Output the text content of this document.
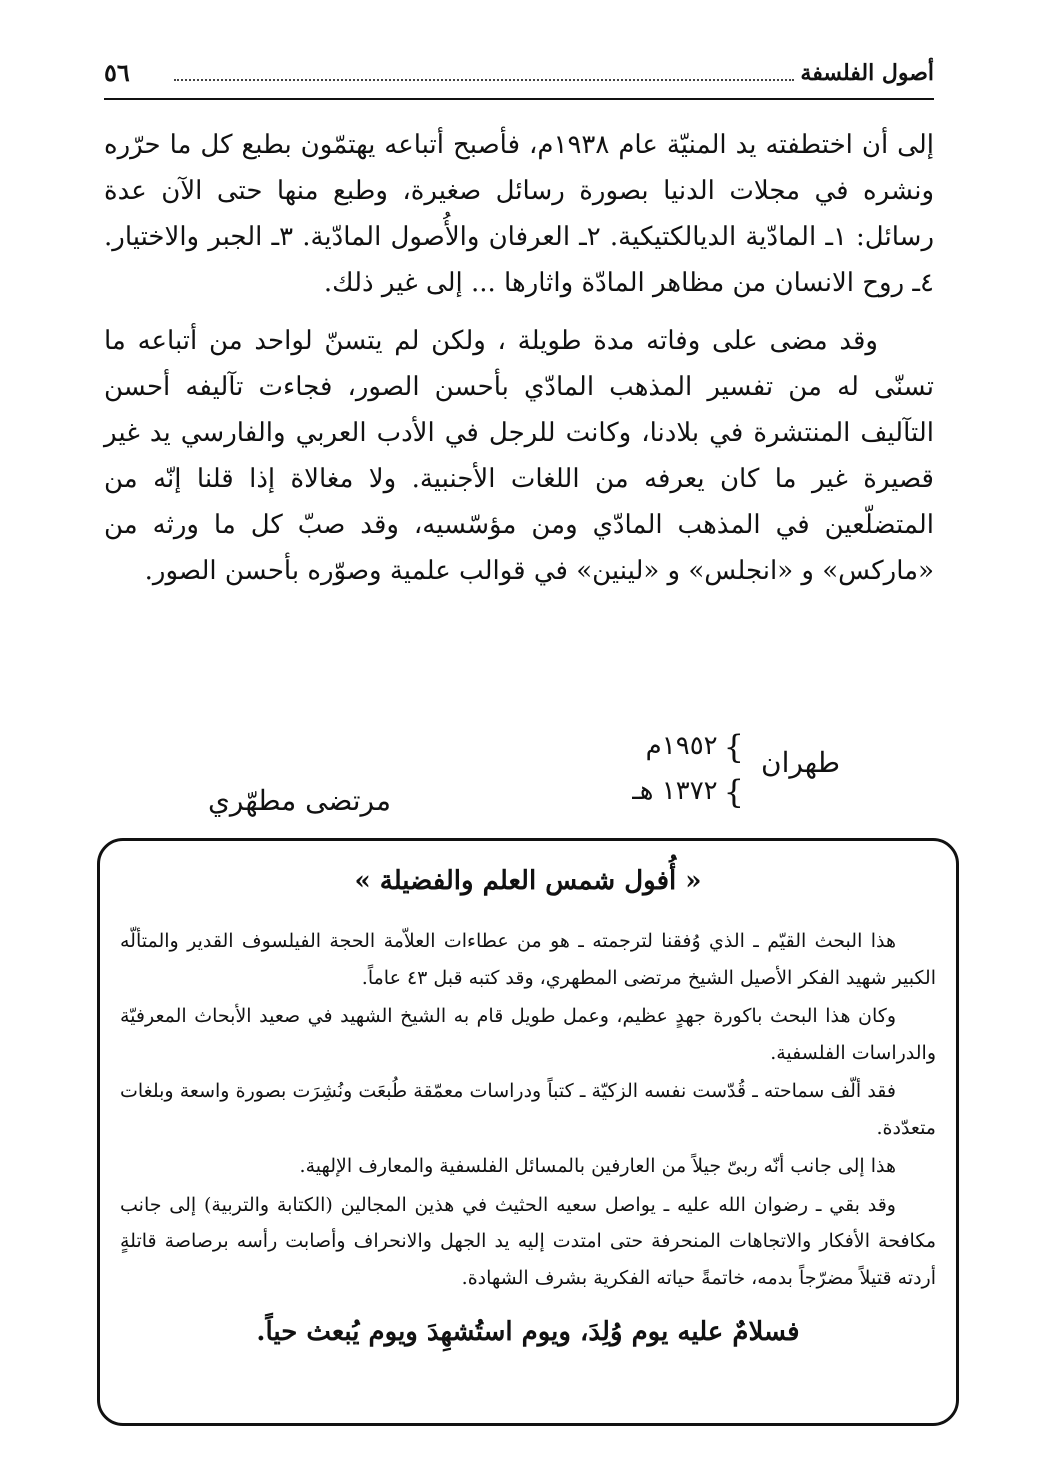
أصول الفلسفة
٥٦

إلى أن اختطفته يد المنيّة عام ١٩٣٨م، فأصبح أتباعه يهتمّون بطبع كل ما حرّره ونشره في مجلات الدنيا بصورة رسائل صغيرة، وطبع منها حتى الآن عدة رسائل: ١ـ المادّية الديالكتيكية. ٢ـ العرفان والأُصول المادّية. ٣ـ الجبر والاختيار. ٤ـ روح الانسان من مظاهر المادّة واثارها ... إلى غير ذلك.

وقد مضى على وفاته مدة طويلة ، ولكن لم يتسنّ لواحد من أتباعه ما تسنّى له من تفسير المذهب المادّي بأحسن الصور، فجاءت تآليفه أحسن التآليف المنتشرة في بلادنا، وكانت للرجل في الأدب العربي والفارسي يد غير قصيرة غير ما كان يعرفه من اللغات الأجنبية. ولا مغالاة إذا قلنا إنّه من المتضلّعين في المذهب المادّي ومن مؤسّسيه، وقد صبّ كل ما ورثه من «ماركس» و «انجلس» و «لينين» في قوالب علمية وصوّره بأحسن الصور.

طهران
}١٩٥٢م
}١٣٧٢ هـ
مرتضى مطهّري
« أُفول شمس العلم والفضيلة »

هذا البحث القيّم ـ الذي وُفقنا لترجمته ـ هو من عطاءات العلاّمة الحجة الفيلسوف القدير والمتألّه الكبير شهيد الفكر الأصيل الشيخ مرتضى المطهري، وقد كتبه قبل ٤٣ عاماً.

وكان هذا البحث باكورة جهدٍ عظيم، وعمل طويل قام به الشيخ الشهيد في صعيد الأبحاث المعرفيّة والدراسات الفلسفية.

فقد ألّف سماحته ـ قُدّست نفسه الزكيّة ـ كتباً ودراسات معمّقة طُبعَت ونُشِرَت بصورة واسعة وبلغات متعدّدة.

هذا إلى جانب أنّه ربىّ جيلاً من العارفين بالمسائل الفلسفية والمعارف الإلهية.

وقد بقي ـ رضوان الله عليه ـ يواصل سعيه الحثيث في هذين المجالين (الكتابة والتربية) إلى جانب مكافحة الأفكار والاتجاهات المنحرفة حتى امتدت إليه يد الجهل والانحراف وأصابت رأسه برصاصة قاتلةٍ أردته قتيلاً مضرّجاً بدمه، خاتمةً حياته الفكرية بشرف الشهادة.

فسلامٌ عليه يوم وُلِدَ، ويوم استُشهِدَ ويوم يُبعث حياً.
